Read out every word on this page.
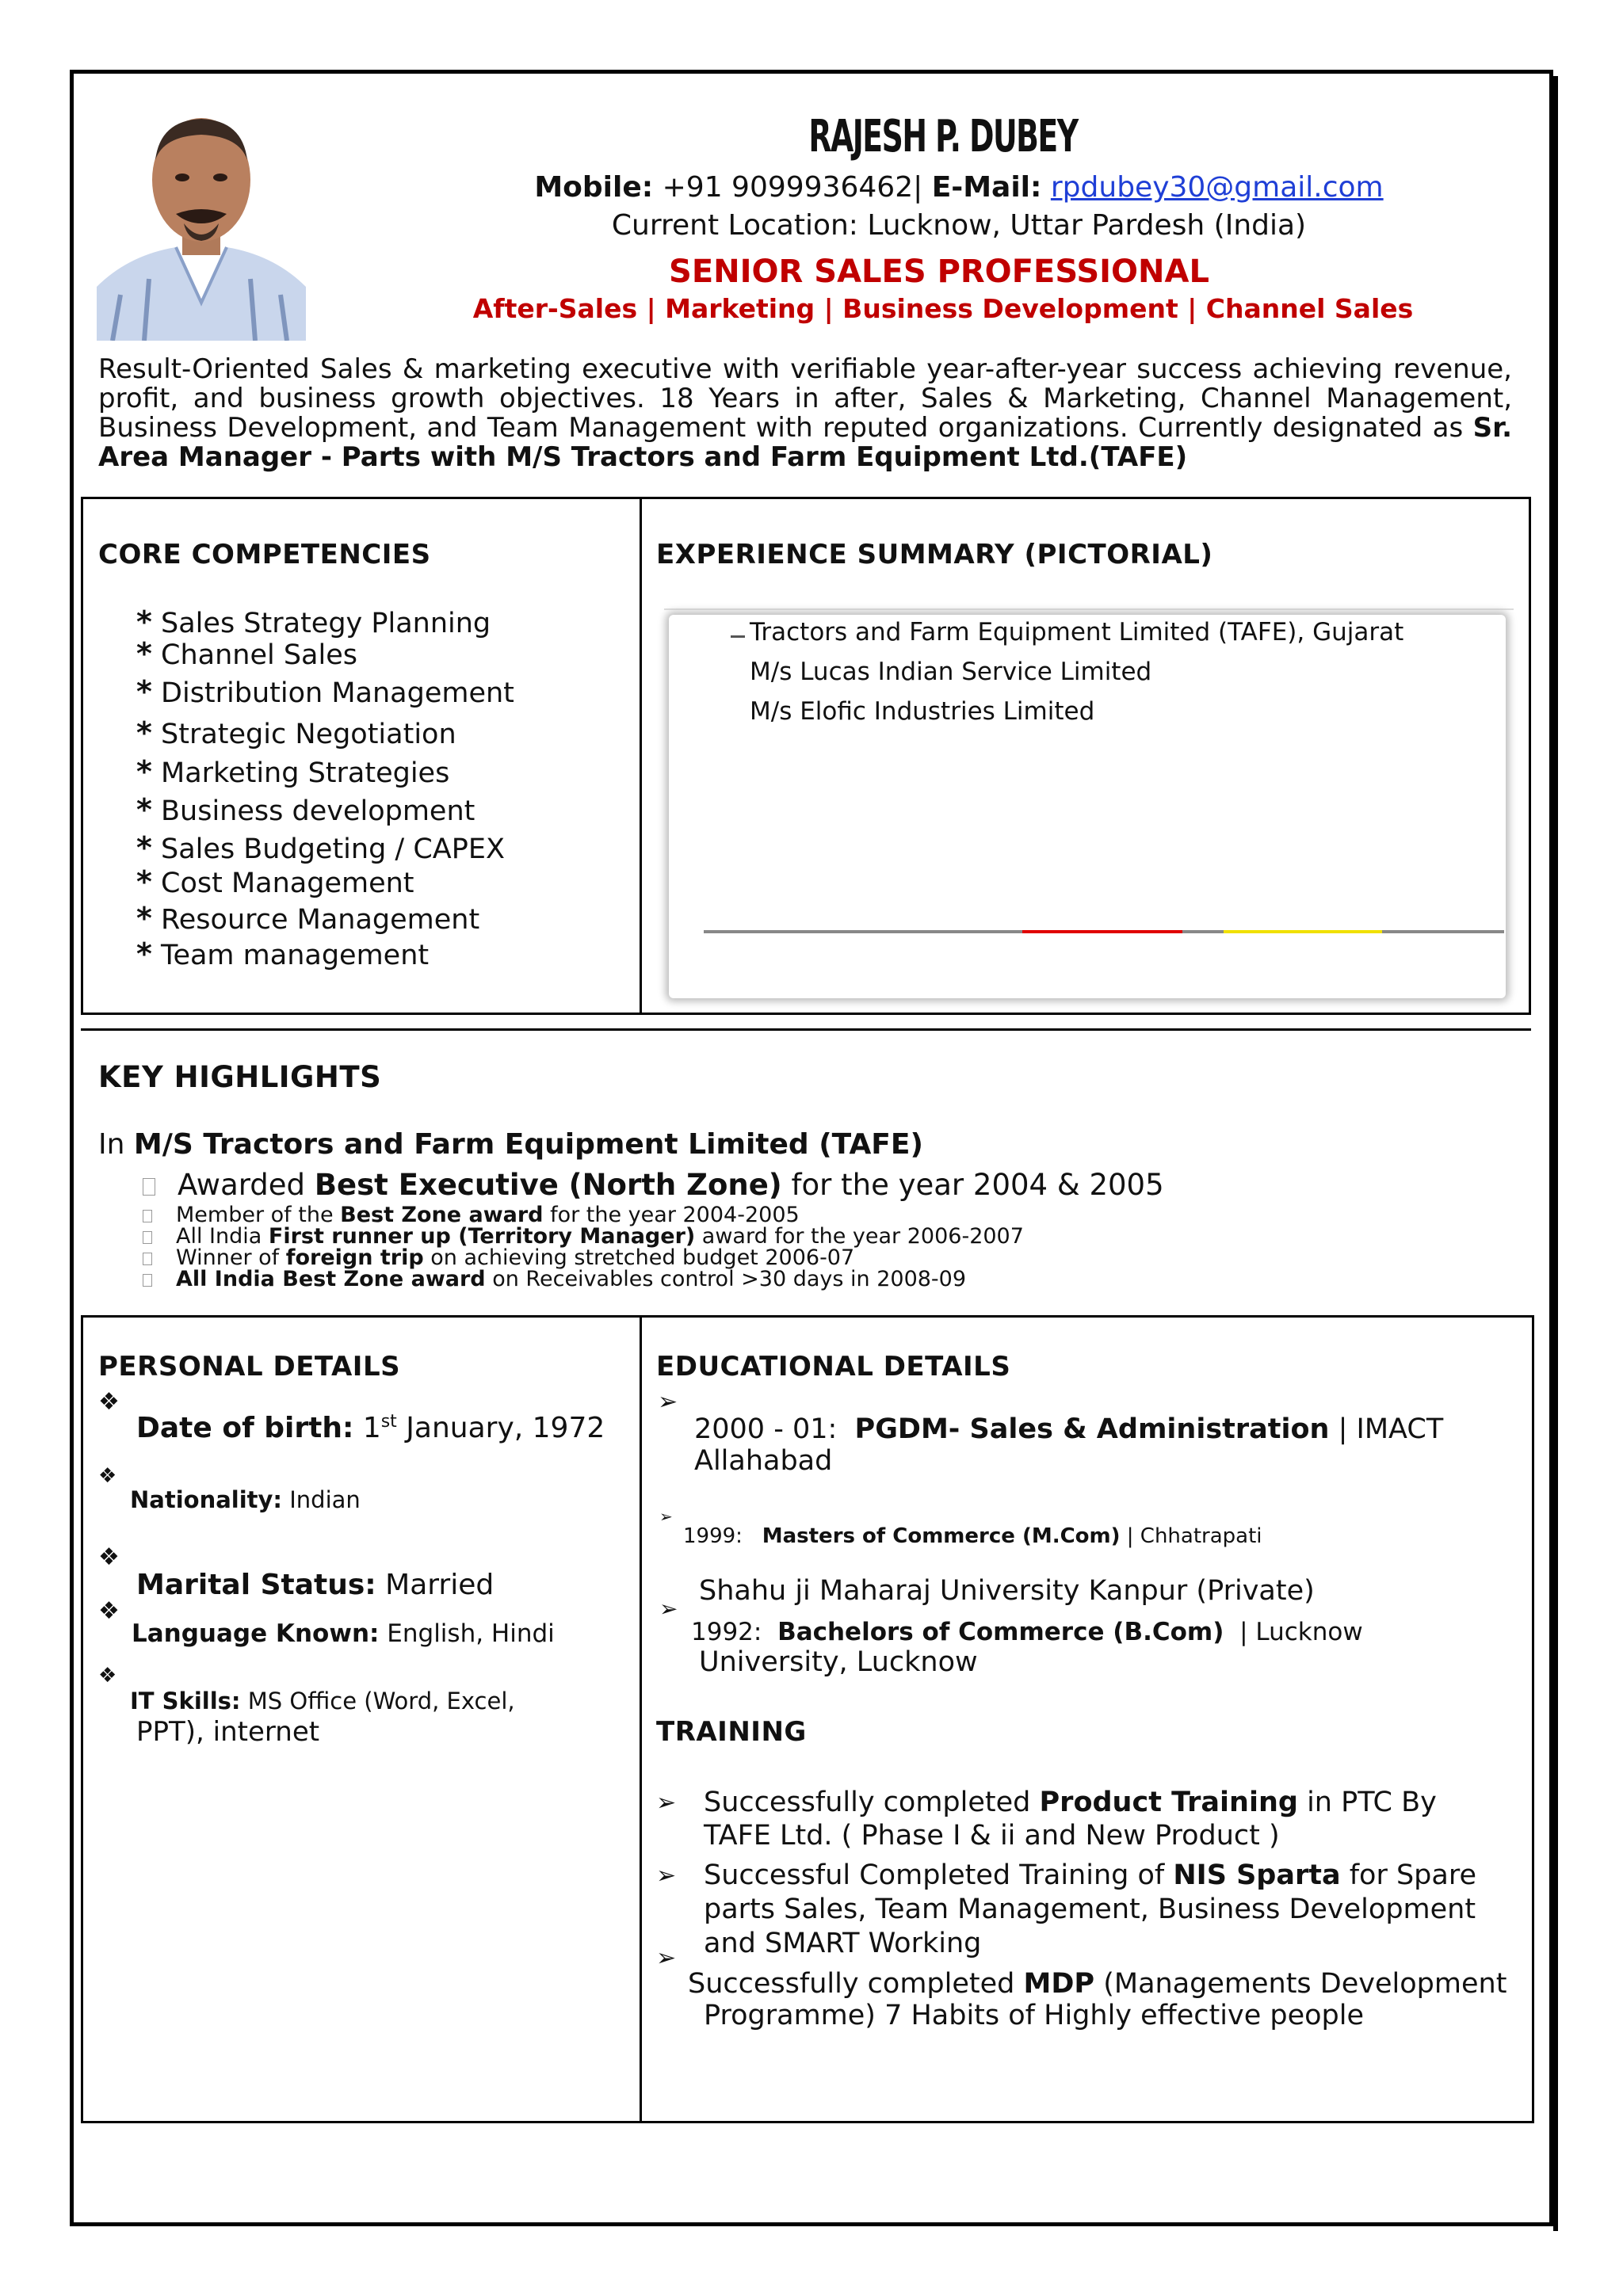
RAJESH P. DUBEY
Mobile: +91 9099936462| E-Mail: rpdubey30@gmail.com
Current Location: Lucknow, Uttar Pardesh (India)
SENIOR SALES PROFESSIONAL
After-Sales | Marketing | Business Development | Channel Sales
Result-Oriented Sales & marketing executive with verifiable year-after-year success achieving revenue, profit, and business growth objectives. 18 Years in after, Sales & Marketing, Channel Management, Business Development, and Team Management with reputed organizations. Currently designated as Sr. Area Manager - Parts with M/S Tractors and Farm Equipment Ltd.(TAFE)
CORE COMPETENCIES
* Sales Strategy Planning
* Channel Sales
* Distribution Management
* Strategic Negotiation
* Marketing Strategies
* Business development
* Sales Budgeting / CAPEX
* Cost Management
* Resource Management
* Team management
EXPERIENCE SUMMARY (PICTORIAL)
Tractors and Farm Equipment Limited (TAFE), Gujarat
M/s Lucas Indian Service Limited
M/s Elofic Industries Limited
KEY HIGHLIGHTS
In M/S Tractors and Farm Equipment Limited (TAFE)
Awarded Best Executive (North Zone) for the year 2004 & 2005
Member of the Best Zone award for the year 2004-2005
All India First runner up (Territory Manager) award for the year 2006-2007
Winner of foreign trip on achieving stretched budget 2006-07
All India Best Zone award on Receivables control >30 days in 2008-09
PERSONAL DETAILS
❖
Date of birth: 1st January, 1972
❖
Nationality: Indian
❖
Marital Status: Married
❖
Language Known: English, Hindi
❖
IT Skills: MS Office (Word, Excel,
PPT), internet
EDUCATIONAL DETAILS
➢
2000 - 01: PGDM- Sales & Administration | IMACT
Allahabad
➢
1999: Masters of Commerce (M.Com) | Chhatrapati
Shahu ji Maharaj University Kanpur (Private)
➢
1992: Bachelors of Commerce (B.Com) | Lucknow
University, Lucknow
TRAINING
➢ Successfully completed Product Training in PTC By
TAFE Ltd. ( Phase I & ii and New Product )
➢ Successful Completed Training of NIS Sparta for Spare
parts Sales, Team Management, Business Development
and SMART Working
➢
Successfully completed MDP (Managements Development
Programme) 7 Habits of Highly effective people
